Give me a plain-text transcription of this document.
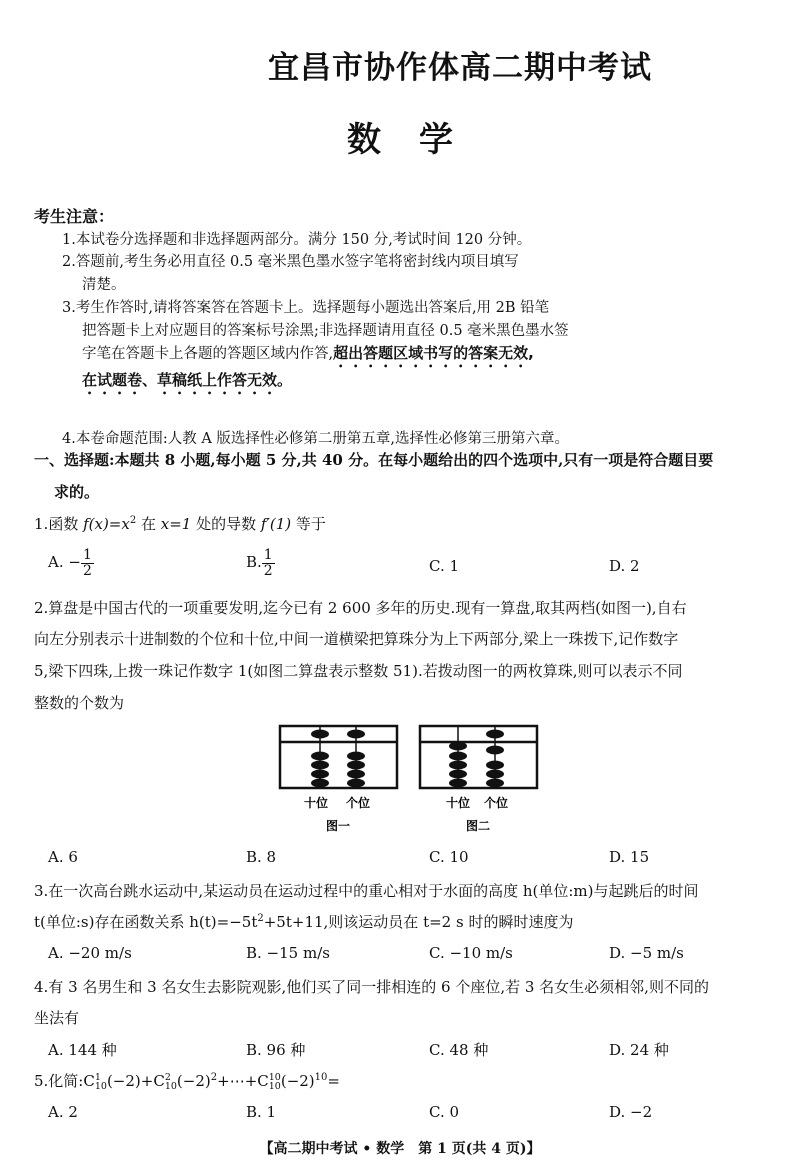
宜昌市协作体高二期中考试
数学
考生注意：
1.本试卷分选择题和非选择题两部分。满分 150 分,考试时间 120 分钟。
2.答题前,考生务必用直径 0.5 毫米黑色墨水签字笔将密封线内项目填写
清楚。
3.考生作答时,请将答案答在答题卡上。选择题每小题选出答案后,用 2B 铅笔
把答题卡上对应题目的答案标号涂黑;非选择题请用直径 0.5 毫米黑色墨水签
字笔在答题卡上各题的答题区域内作答,超出答题区域书写的答案无效,
在试题卷、草稿纸上作答无效。
4.本卷命题范围:人教 A 版选择性必修第二册第五章,选择性必修第三册第六章。
一、选择题:本题共 8 小题,每小题 5 分,共 40 分。在每小题给出的四个选项中,只有一项是符合题目要
求的。
1.函数 $f(x)=x^2$ 在 x=1 处的导数 f′(1) 等于
A. − $\frac{1}{2}$	B. $\frac{1}{2}$	C. 1	D. 2
2.算盘是中国古代的一项重要发明,迄今已有 2 600 多年的历史.现有一算盘,取其两档(如图一),自右
向左分别表示十进制数的个位和十位,中间一道横梁把算珠分为上下两部分,梁上一珠拨下,记作数字
5,梁下四珠,上拨一珠记作数字 1(如图二算盘表示整数 51).若拨动图一的两枚算珠,则可以表示不同
整数的个数为
十位 个位
图一
十位 个位
图二
A. 6	B. 8	C. 10	D. 15
3.在一次高台跳水运动中,某运动员在运动过程中的重心相对于水面的高度 h(单位:m)与起跳后的时间
t(单位:s)存在函数关系 $h(t)=-5t^2+5t+11$,则该运动员在 t=2 s 时的瞬时速度为
A. −20 m/s	B. −15 m/s	C. −10 m/s	D. −5 m/s
4.有 3 名男生和 3 名女生去影院观影,他们买了同一排相连的 6 个座位,若 3 名女生必须相邻,则不同的
坐法有
A. 144 种	B. 96 种	C. 48 种	D. 24 种
5.化简:C 1
10 (−2)+C 2
10 $(-2)^2+\cdots+C$ 10
10 $(-2)^{10}=$
A. 2	B. 1	C. 0	D. −2
【高二期中考试 • 数学　第 1 页(共 4 页)】
